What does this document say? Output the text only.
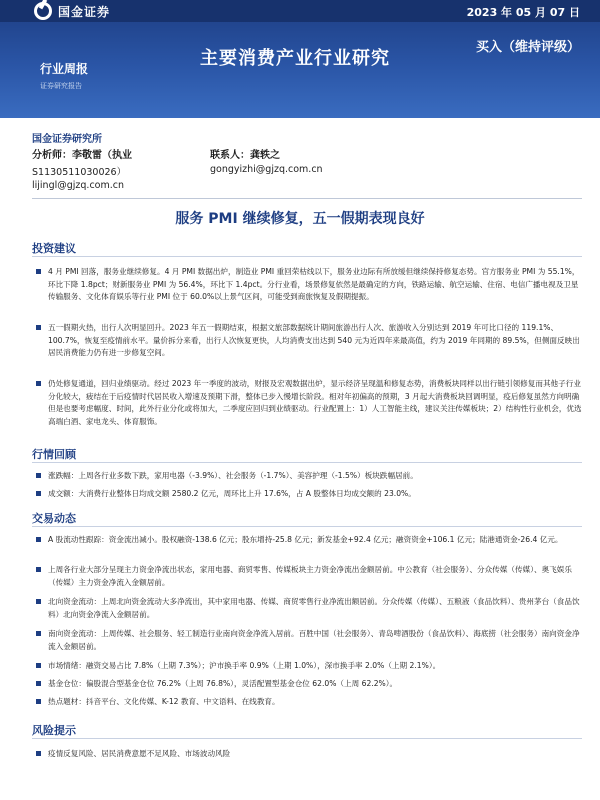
国金证券	2023 年 05 月 07 日
行业周报
证券研究报告
主要消费产业行业研究
买入（维持评级）
国金证券研究所
分析师：李敬雷（执业	联系人：龚轶之
S1130511030026）	gongyizhi@gjzq.com.cn
lijingl@gjzq.com.cn
服务 PMI 继续修复，五一假期表现良好
投资建议
4 月 PMI 回落，服务业继续修复。4 月 PMI 数据出炉，制造业 PMI 重回荣枯线以下，服务业边际有所放缓但继续保持修复态势。官方服务业 PMI 为 55.1%，环比下降 1.8pct；财新服务业 PMI 为 56.4%，环比下 1.4pct。分行业看，场景修复依然是最确定的方向，铁路运输、航空运输、住宿、电信广播电视及卫星传输服务、文化体育娱乐等行业 PMI 位于 60.0%以上景气区间，可能受到商旅恢复及假期提振。
五一假期火热，出行人次明显回升。2023 年五一假期结束，根据文旅部数据统计期间旅游出行人次、旅游收入分别达到 2019 年可比口径的 119.1%、100.7%，恢复至疫情前水平。量价拆分来看，出行人次恢复更快，人均消费支出达到 540 元为近四年来最高值，约为 2019 年同期的 89.5%，但侧面反映出居民消费能力仍有进一步修复空间。
仍处修复通道，回归业绩驱动。经过 2023 年一季度的波动，财报及宏观数据出炉，显示经济呈现温和修复态势，消费板块同样以出行链引领修复而其他子行业分化较大，疲结在于后疫情时代居民收入增速及预期下滑，整体已步入慢增长阶段。相对年初偏高的预期，3 月起大消费板块回调明显，疫后修复虽然方向明确但是也要考虑幅度、时间，此外行业分化或将加大，二季度应回归到业绩驱动。行业配置上：1）人工智能主线，建议关注传媒板块；2）结构性行业机会，优选高端白酒、家电龙头、体育服饰。
行情回顾
涨跌幅：上周各行业多数下跌，家用电器（-3.9%）、社会服务（-1.7%）、美容护理（-1.5%）板块跌幅居前。
成交额：大消费行业整体日均成交额 2580.2 亿元，周环比上升 17.6%，占 A 股整体日均成交额的 23.0%。
交易动态
A 股流动性跟踪：资金流出减小。股权融资-138.6 亿元；股东增持-25.8 亿元；新发基金+92.4 亿元；融资资金+106.1 亿元；陆港通资金-26.4 亿元。
上周各行业大部分呈现主力资金净流出状态，家用电器、商贸零售、传媒板块主力资金净流出金额居前。中公教育（社会服务）、分众传媒（传媒）、奥飞娱乐（传媒）主力资金净流入金额居前。
北向资金流动：上周北向资金流动大多净流出，其中家用电器、传媒、商贸零售行业净流出额居前。分众传媒（传媒）、五粮液（食品饮料）、贵州茅台（食品饮料）北向资金净流入金额居前。
南向资金流动：上周传媒、社会服务、轻工制造行业南向资金净流入居前。百胜中国（社会服务）、青岛啤酒股份（食品饮料）、海底捞（社会服务）南向资金净流入金额居前。
市场情绪：融资交易占比 7.8%（上期 7.3%）；沪市换手率 0.9%（上期 1.0%），深市换手率 2.0%（上期 2.1%）。
基金仓位：偏股混合型基金仓位 76.2%（上周 76.8%），灵活配置型基金仓位 62.0%（上周 62.2%）。
热点题材：抖音平台、文化传媒、K-12 教育、中文语料、在线教育。
风险提示
疫情反复风险、居民消费意愿不足风险、市场波动风险
